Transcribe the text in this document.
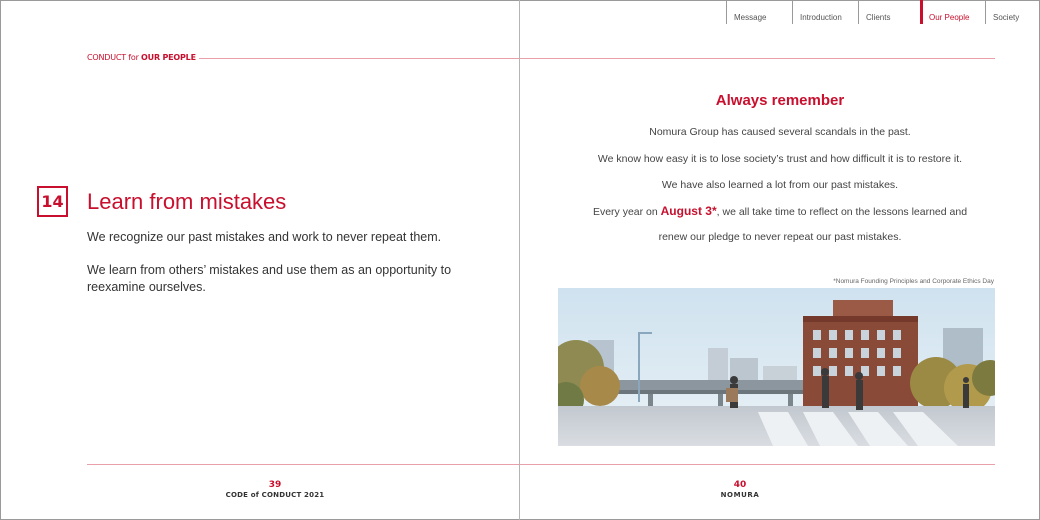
Message	Introduction	Clients	Our People	Society
CONDUCT for OUR PEOPLE
14 Learn from mistakes
We recognize our past mistakes and work to never repeat them.
We learn from others’ mistakes and use them as an opportunity to reexamine ourselves.
Always remember
Nomura Group has caused several scandals in the past.
We know how easy it is to lose society’s trust and how difficult it is to restore it.
We have also learned a lot from our past mistakes.
Every year on August 3*, we all take time to reflect on the lessons learned and
renew our pledge to never repeat our past mistakes.
*Nomura Founding Principles and Corporate Ethics Day
39
CODE of CONDUCT 2021
40
NOMURA
